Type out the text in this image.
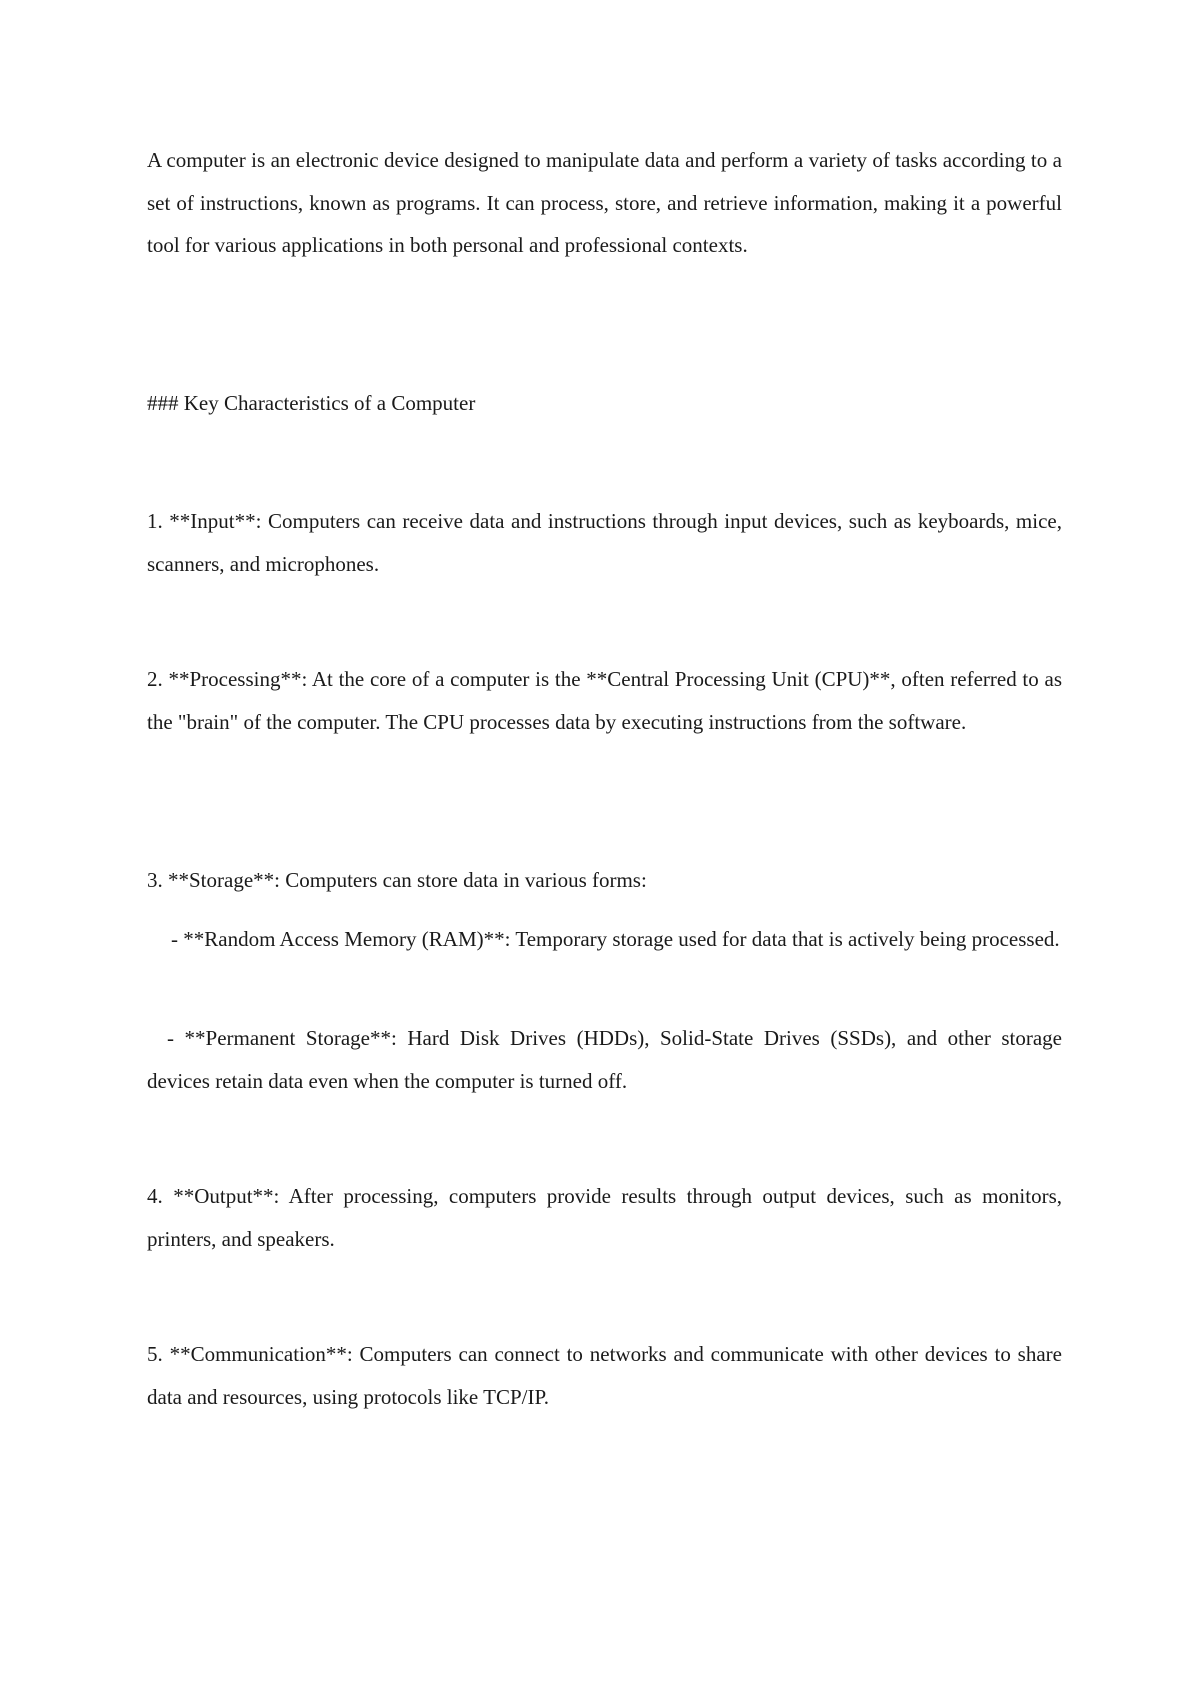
A computer is an electronic device designed to manipulate data and perform a variety of tasks according to a set of instructions, known as programs. It can process, store, and retrieve information, making it a powerful tool for various applications in both personal and professional contexts.

### Key Characteristics of a Computer

1. **Input**: Computers can receive data and instructions through input devices, such as keyboards, mice, scanners, and microphones.

2. **Processing**: At the core of a computer is the **Central Processing Unit (CPU)**, often referred to as the "brain" of the computer. The CPU processes data by executing instructions from the software.

3. **Storage**: Computers can store data in various forms:

- **Random Access Memory (RAM)**: Temporary storage used for data that is actively being processed.

- **Permanent Storage**: Hard Disk Drives (HDDs), Solid-State Drives (SSDs), and other storage devices retain data even when the computer is turned off.

4. **Output**: After processing, computers provide results through output devices, such as monitors, printers, and speakers.

5. **Communication**: Computers can connect to networks and communicate with other devices to share data and resources, using protocols like TCP/IP.
